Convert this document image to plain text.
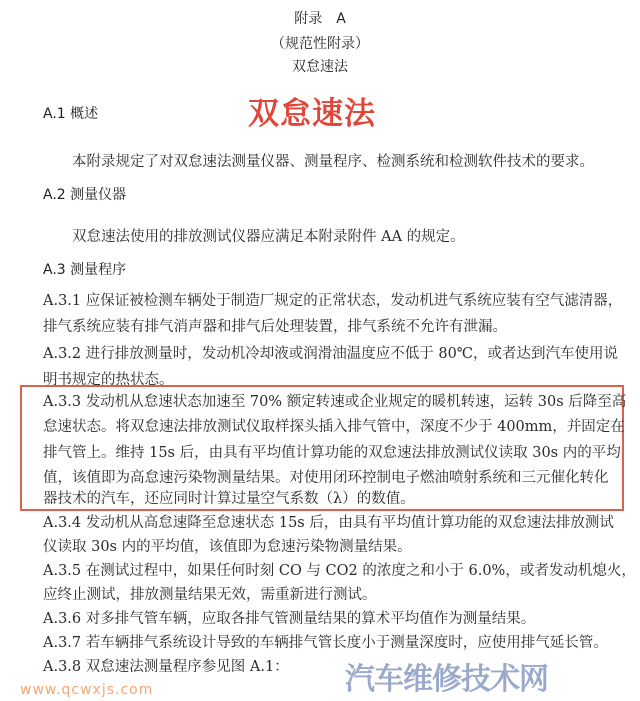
附录　A
（规范性附录）
双怠速法
A.1 概述	双怠速法
本附录规定了对双怠速法测量仪器、测量程序、检测系统和检测软件技术的要求。
A.2 测量仪器
双怠速法使用的排放测试仪器应满足本附录附件 AA 的规定。
A.3 测量程序
A.3.1 应保证被检测车辆处于制造厂规定的正常状态，发动机进气系统应装有空气滤清器，
排气系统应装有排气消声器和排气后处理装置，排气系统不允许有泄漏。
A.3.2 进行排放测量时，发动机冷却液或润滑油温度应不低于 80℃，或者达到汽车使用说
明书规定的热状态。
A.3.3 发动机从怠速状态加速至 70% 额定转速或企业规定的暖机转速，运转 30s 后降至高
怠速状态。将双怠速法排放测试仪取样探头插入排气管中，深度不少于 400mm，并固定在
排气管上。维持 15s 后，由具有平均值计算功能的双怠速法排放测试仪读取 30s 内的平均
值，该值即为高怠速污染物测量结果。对使用闭环控制电子燃油喷射系统和三元催化转化
器技术的汽车，还应同时计算过量空气系数（λ）的数值。
A.3.4 发动机从高怠速降至怠速状态 15s 后，由具有平均值计算功能的双怠速法排放测试
仪读取 30s 内的平均值，该值即为怠速污染物测量结果。
A.3.5 在测试过程中，如果任何时刻 CO 与 CO2 的浓度之和小于 6.0%，或者发动机熄火，
应终止测试，排放测量结果无效，需重新进行测试。
A.3.6 对多排气管车辆，应取各排气管测量结果的算术平均值作为测量结果。
A.3.7 若车辆排气系统设计导致的车辆排气管长度小于测量深度时，应使用排气延长管。
A.3.8 双怠速法测量程序参见图 A.1： 汽车维修技术网
www.qcwxjs.com
